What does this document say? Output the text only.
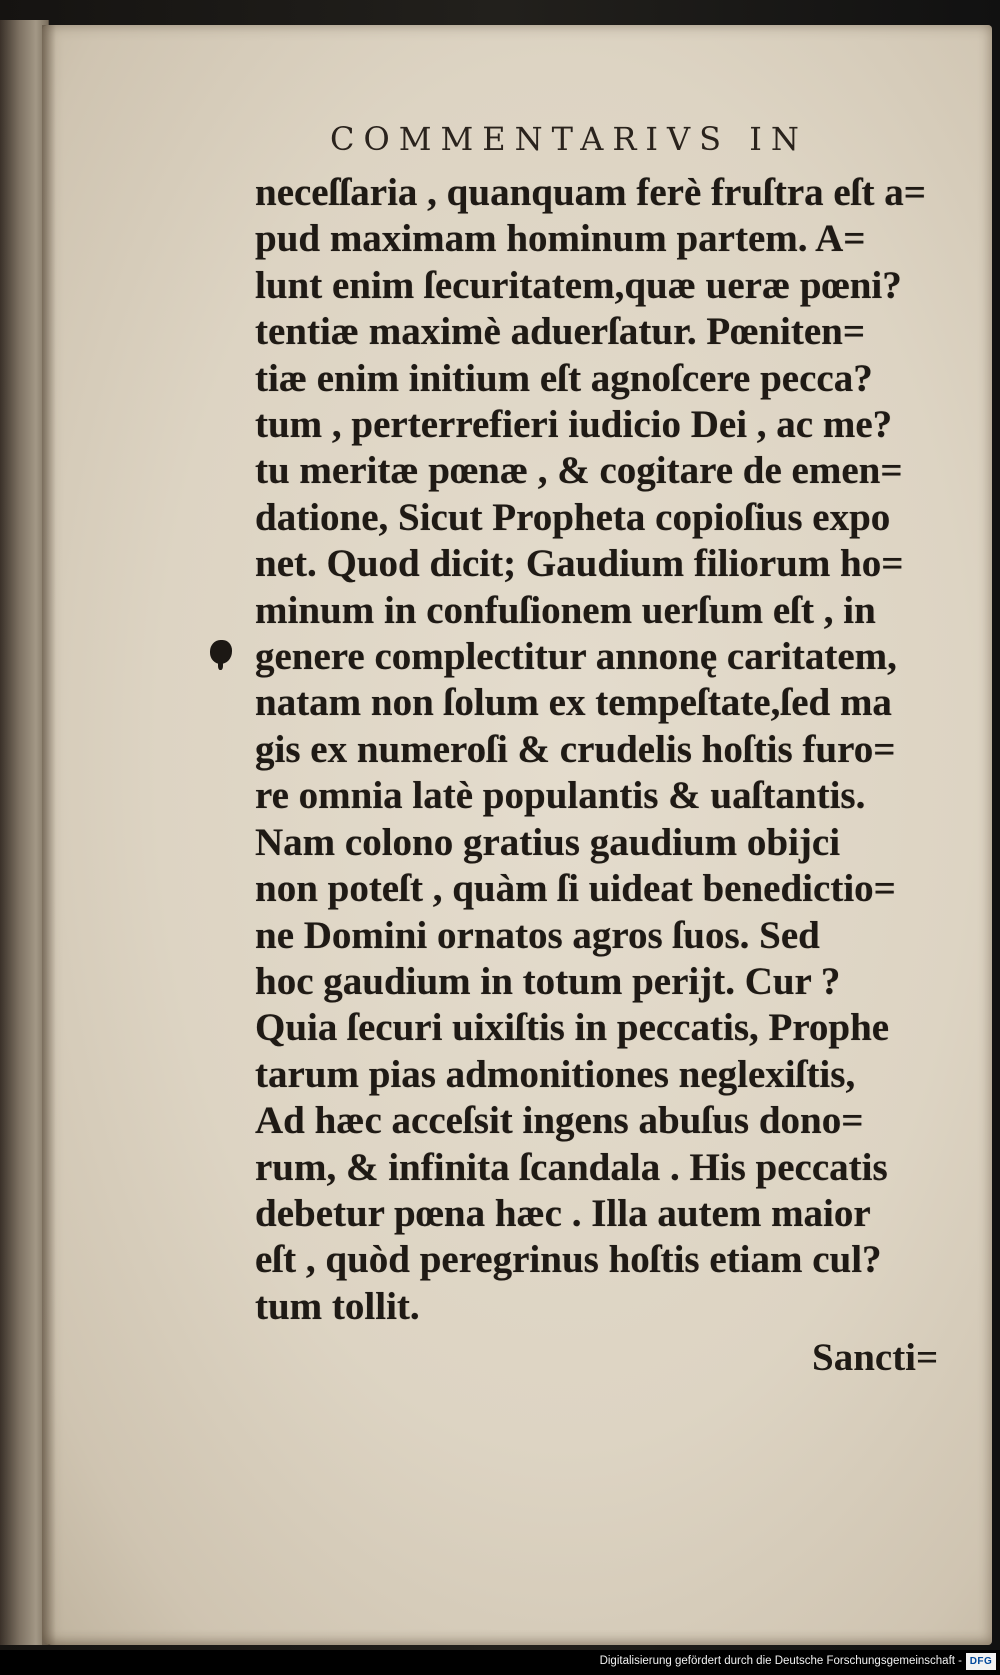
COMMENTARIVS IN
neceſſaria , quanquam ferè fruſtra eſt a=
pud maximam hominum partem. A=
lunt enim ſecuritatem,quæ ueræ pœni?
tentiæ maximè aduerſatur. Pœniten=
tiæ enim initium eſt agnoſcere pecca?
tum , perterrefieri iudicio Dei , ac me?
tu meritæ pœnæ , & cogitare de emen=
datione, Sicut Propheta copioſius expo
net. Quod dicit; Gaudium filiorum ho=
minum in confuſionem uerſum eſt , in
genere complectitur annonę caritatem,
natam non ſolum ex tempeſtate,ſed ma
gis ex numeroſi & crudelis hoſtis furo=
re omnia latè populantis & uaſtantis.
Nam colono gratius gaudium obijci
non poteſt , quàm ſi uideat benedictio=
ne Domini ornatos agros ſuos. Sed
hoc gaudium in totum perijt. Cur ?
Quia ſecuri uixiſtis in peccatis, Prophe
tarum pias admonitiones neglexiſtis,
Ad hæc acceſsit ingens abuſus dono=
rum, & infinita ſcandala . His peccatis
debetur pœna hæc . Illa autem maior
eſt , quòd peregrinus hoſtis etiam cul?
tum tollit.
Sancti=
Digitalisierung gefördert durch die Deutsche Forschungsgemeinschaft - DFG
